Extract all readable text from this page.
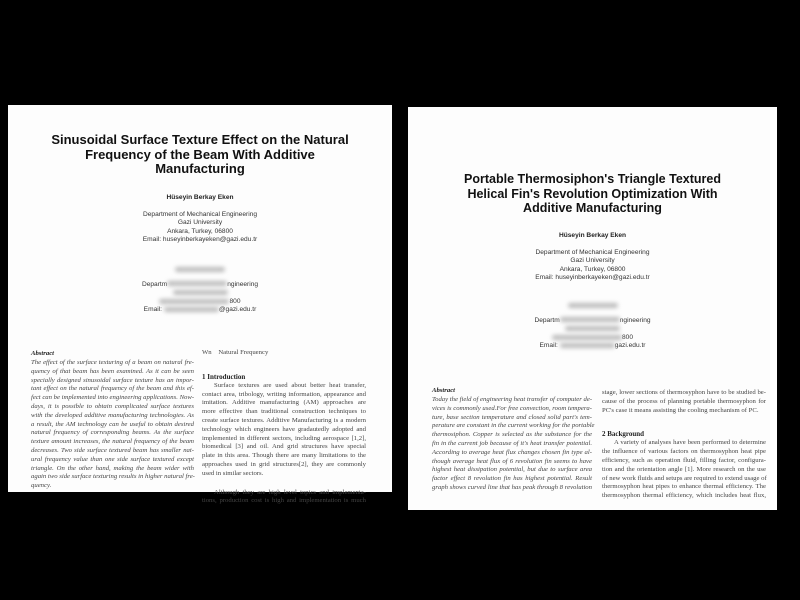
Sinusoidal Surface Texture Effect on the Natural
Frequency of the Beam With Additive
Manufacturing
Hüseyin Berkay Eken
Department of Mechanical Engineering
Gazi University
Ankara, Turkey, 06800
Email: huseyinberkayeken@gazi.edu.tr
Departm	ngineering
800
Email:	@gazi.edu.tr
Abstract
The effect of the surface texturing of a beam on natural fre-
quency of that beam has been examined. As it can be seen
specially designed sinusoidal surface texture has an impor-
tant effect on the natural frequency of the beam and this ef-
fect can be implemented into engineering applications. Now-
days, it is possible to obtain complicated surface textures
with the developed additive manufacturing technologies. As
a result, the AM technology can be useful to obtain desired
natural frequency of corresponding beams. As the surface
texture amount increases, the natural frequency of the beam
decreases. Two side surface textured beam has smaller nat-
ural frequency value than one side surface textured except
triangle. On the other hand, making the beam wider with
again two side surface texturing results in higher natural fre-
quency.
Wn Natural Frequency
1 Introduction
Surface textures are used about better heat transfer,
contact area, tribology, writing information, appearance and
imitation. Additive manufacturing (AM) approaches are
more effective than traditional construction techniques to
create surface textures. Additive Manufacturing is a modern
technology which engineers have gradautedly adopted and
implemented in different sectors, including aerospace [1,2],
biomedical [3] and oil. And grid structures have special
plate in this area. Though there are many limitations to the
approaches used in grid structures[2], they are commonly
used in similar sectors.
Although they are high level topics and implementa-
tions, production cost is high and implementation is much
Portable Thermosiphon's Triangle Textured
Helical Fin's Revolution Optimization With
Additive Manufacturing
Hüseyin Berkay Eken
Department of Mechanical Engineering
Gazi University
Ankara, Turkey, 06800
Email: huseyinberkayeken@gazi.edu.tr
Departm	ngineering
800
Email:	gazi.edu.tr
Abstract
Today the field of engineering heat transfer of computer de-
vices is commonly used.For free convection, room tempera-
ture, base section temperature and closed solid part's tem-
perature are constant in the current working for the portable
thermosiphon. Copper is selected as the substance for the
fin in the current job because of it's heat transfer potential.
According to average heat flux changes chosen fin type al-
though average heat flux of 6 revolution fin seems to have
highest heat dissipation potential, but due to surface area
factor effect 8 revolution fin has highest potential. Result
graph shows curved line that has peak through 8 revolution
stage, lower sections of thermosyphon have to be studied be-
cause of the process of planning portable thermosyphon for
PC's case it means assisting the cooling mechanism of PC.
2 Background
A variety of analyses have been performed to determine
the influence of various factors on thermosyphon heat pipe
efficiency, such as operation fluid, filling factor, configura-
tion and the orientation angle [1]. More research on the use
of new work fluids and setups are required to extend usage of
thermosyphon heat pipes to enhance thermal efficiency. The
thermosyphon thermal efficiency, which includes heat flux,
